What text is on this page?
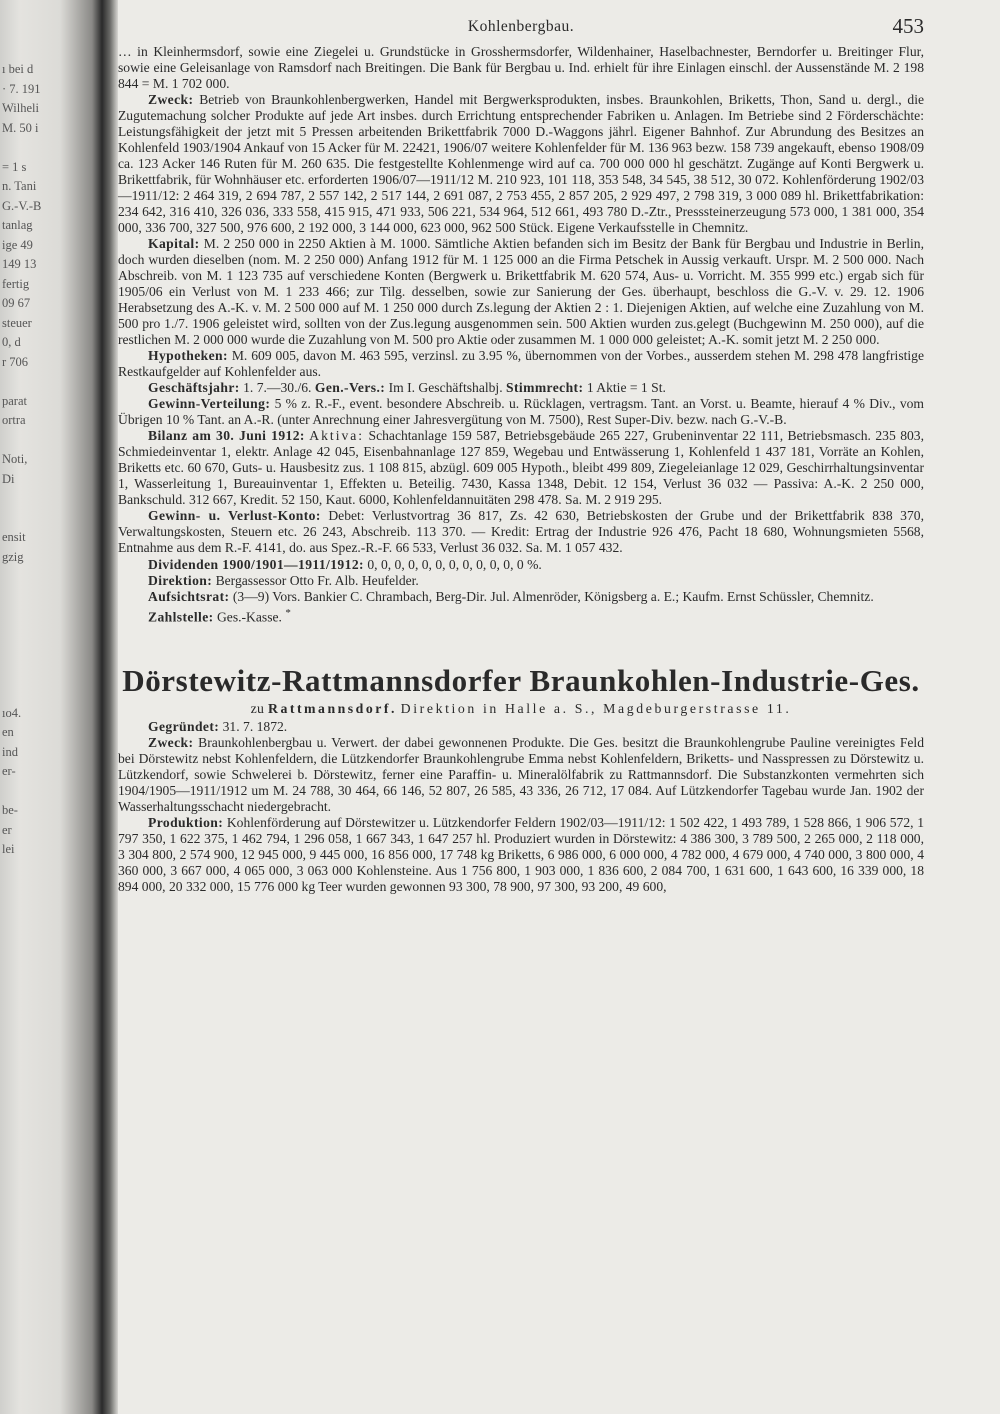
ı bei d
· 7. 191
Wilheli
M. 50 i
= 1 s
n. Tani
G.-V.-B
tanlag
ige 49
149 13
fertig
09 67
steuer
0, d
r 706
parat
ortra
Noti,
Di
ensit
gzig
ıo4.
en
ind
er-
be-
er
lei
Kohlenbergbau.	453

… in Kleinhermsdorf, sowie eine Ziegelei u. Grundstücke in Grosshermsdorfer, Wildenhainer, Haselbachnester, Berndorfer u. Breitinger Flur, sowie eine Geleisanlage von Ramsdorf nach Breitingen. Die Bank für Bergbau u. Ind. erhielt für ihre Einlagen einschl. der Aussenstände M. 2 198 844 = M. 1 702 000.

Zweck: Betrieb von Braunkohlenbergwerken, Handel mit Bergwerksprodukten, insbes. Braunkohlen, Briketts, Thon, Sand u. dergl., die Zugutemachung solcher Produkte auf jede Art insbes. durch Errichtung entsprechender Fabriken u. Anlagen. Im Betriebe sind 2 Förderschächte: Leistungsfähigkeit der jetzt mit 5 Pressen arbeitenden Brikettfabrik 7000 D.-Waggons jährl. Eigener Bahnhof. Zur Abrundung des Besitzes an Kohlenfeld 1903/1904 Ankauf von 15 Acker für M. 22421, 1906/07 weitere Kohlenfelder für M. 136 963 bezw. 158 739 angekauft, ebenso 1908/09 ca. 123 Acker 146 Ruten für M. 260 635. Die festgestellte Kohlenmenge wird auf ca. 700 000 000 hl geschätzt. Zugänge auf Konti Bergwerk u. Brikettfabrik, für Wohnhäuser etc. erforderten 1906/07—1911/12 M. 210 923, 101 118, 353 548, 34 545, 38 512, 30 072. Kohlenförderung 1902/03—1911/12: 2 464 319, 2 694 787, 2 557 142, 2 517 144, 2 691 087, 2 753 455, 2 857 205, 2 929 497, 2 798 319, 3 000 089 hl. Brikettfabrikation: 234 642, 316 410, 326 036, 333 558, 415 915, 471 933, 506 221, 534 964, 512 661, 493 780 D.-Ztr., Presssteinerzeugung 573 000, 1 381 000, 354 000, 336 700, 327 500, 976 600, 2 192 000, 3 144 000, 623 000, 962 500 Stück. Eigene Verkaufsstelle in Chemnitz.

Kapital: M. 2 250 000 in 2250 Aktien à M. 1000. Sämtliche Aktien befanden sich im Besitz der Bank für Bergbau und Industrie in Berlin, doch wurden dieselben (nom. M. 2 250 000) Anfang 1912 für M. 1 125 000 an die Firma Petschek in Aussig verkauft. Urspr. M. 2 500 000. Nach Abschreib. von M. 1 123 735 auf verschiedene Konten (Bergwerk u. Brikettfabrik M. 620 574, Aus- u. Vorricht. M. 355 999 etc.) ergab sich für 1905/06 ein Verlust von M. 1 233 466; zur Tilg. desselben, sowie zur Sanierung der Ges. überhaupt, beschloss die G.-V. v. 29. 12. 1906 Herabsetzung des A.-K. v. M. 2 500 000 auf M. 1 250 000 durch Zs.legung der Aktien 2 : 1. Diejenigen Aktien, auf welche eine Zuzahlung von M. 500 pro 1./7. 1906 geleistet wird, sollten von der Zus.legung ausgenommen sein. 500 Aktien wurden zus.gelegt (Buchgewinn M. 250 000), auf die restlichen M. 2 000 000 wurde die Zuzahlung von M. 500 pro Aktie oder zusammen M. 1 000 000 geleistet; A.-K. somit jetzt M. 2 250 000.

Hypotheken: M. 609 005, davon M. 463 595, verzinsl. zu 3.95 %, übernommen von der Vorbes., ausserdem stehen M. 298 478 langfristige Restkaufgelder auf Kohlenfelder aus.

Geschäftsjahr: 1. 7.—30./6. Gen.-Vers.: Im I. Geschäftshalbj. Stimmrecht: 1 Aktie = 1 St.

Gewinn-Verteilung: 5 % z. R.-F., event. besondere Abschreib. u. Rücklagen, vertragsm. Tant. an Vorst. u. Beamte, hierauf 4 % Div., vom Übrigen 10 % Tant. an A.-R. (unter Anrechnung einer Jahresvergütung von M. 7500), Rest Super-Div. bezw. nach G.-V.-B.

Bilanz am 30. Juni 1912: Aktiva: Schachtanlage 159 587, Betriebsgebäude 265 227, Grubeninventar 22 111, Betriebsmasch. 235 803, Schmiedeinventar 1, elektr. Anlage 42 045, Eisenbahnanlage 127 859, Wegebau und Entwässerung 1, Kohlenfeld 1 437 181, Vorräte an Kohlen, Briketts etc. 60 670, Guts- u. Hausbesitz zus. 1 108 815, abzügl. 609 005 Hypoth., bleibt 499 809, Ziegeleianlage 12 029, Geschirrhaltungsinventar 1, Wasserleitung 1, Bureauinventar 1, Effekten u. Beteilig. 7430, Kassa 1348, Debit. 12 154, Verlust 36 032 — Passiva: A.-K. 2 250 000, Bankschuld. 312 667, Kredit. 52 150, Kaut. 6000, Kohlenfeldannuitäten 298 478. Sa. M. 2 919 295.

Gewinn- u. Verlust-Konto: Debet: Verlustvortrag 36 817, Zs. 42 630, Betriebskosten der Grube und der Brikettfabrik 838 370, Verwaltungskosten, Steuern etc. 26 243, Abschreib. 113 370. — Kredit: Ertrag der Industrie 926 476, Pacht 18 680, Wohnungsmieten 5568, Entnahme aus dem R.-F. 4141, do. aus Spez.-R.-F. 66 533, Verlust 36 032. Sa. M. 1 057 432.

Dividenden 1900/1901—1911/1912: 0, 0, 0, 0, 0, 0, 0, 0, 0, 0, 0, 0 %.

Direktion: Bergassessor Otto Fr. Alb. Heufelder.

Aufsichtsrat: (3—9) Vors. Bankier C. Chrambach, Berg-Dir. Jul. Almenröder, Königsberg a. E.; Kaufm. Ernst Schüssler, Chemnitz.

Zahlstelle: Ges.-Kasse. *

Dörstewitz-Rattmannsdorfer Braunkohlen-Industrie-Ges.
zu Rattmannsdorf. Direktion in Halle a. S., Magdeburgerstrasse 11.

Gegründet: 31. 7. 1872.

Zweck: Braunkohlenbergbau u. Verwert. der dabei gewonnenen Produkte. Die Ges. besitzt die Braunkohlengrube Pauline vereinigtes Feld bei Dörstewitz nebst Kohlenfeldern, die Lützkendorfer Braunkohlengrube Emma nebst Kohlenfeldern, Briketts- und Nasspressen zu Dörstewitz u. Lützkendorf, sowie Schwelerei b. Dörstewitz, ferner eine Paraffin- u. Mineralölfabrik zu Rattmannsdorf. Die Substanzkonten vermehrten sich 1904/1905—1911/1912 um M. 24 788, 30 464, 66 146, 52 807, 26 585, 43 336, 26 712, 17 084. Auf Lützkendorfer Tagebau wurde Jan. 1902 der Wasserhaltungsschacht niedergebracht.

Produktion: Kohlenförderung auf Dörstewitzer u. Lützkendorfer Feldern 1902/03—1911/12: 1 502 422, 1 493 789, 1 528 866, 1 906 572, 1 797 350, 1 622 375, 1 462 794, 1 296 058, 1 667 343, 1 647 257 hl. Produziert wurden in Dörstewitz: 4 386 300, 3 789 500, 2 265 000, 2 118 000, 3 304 800, 2 574 900, 12 945 000, 9 445 000, 16 856 000, 17 748 kg Briketts, 6 986 000, 6 000 000, 4 782 000, 4 679 000, 4 740 000, 3 800 000, 4 360 000, 3 667 000, 4 065 000, 3 063 000 Kohlensteine. Aus 1 756 800, 1 903 000, 1 836 600, 2 084 700, 1 631 600, 1 643 600, 16 339 000, 18 894 000, 20 332 000, 15 776 000 kg Teer wurden gewonnen 93 300, 78 900, 97 300, 93 200, 49 600,
